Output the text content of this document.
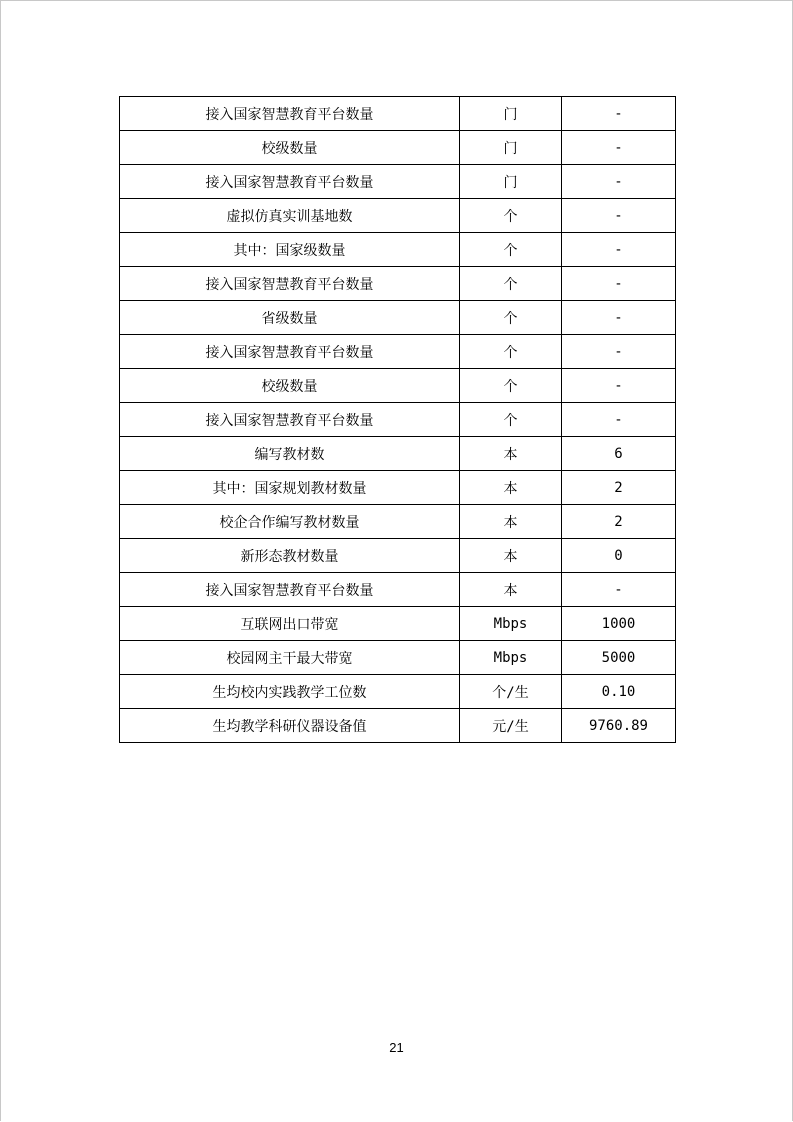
接入国家智慧教育平台数量	门	-
校级数量	门	-
接入国家智慧教育平台数量	门	-
虚拟仿真实训基地数	个	-
其中：国家级数量	个	-
接入国家智慧教育平台数量	个	-
省级数量	个	-
接入国家智慧教育平台数量	个	-
校级数量	个	-
接入国家智慧教育平台数量	个	-
编写教材数	本	6
其中：国家规划教材数量	本	2
校企合作编写教材数量	本	2
新形态教材数量	本	0
接入国家智慧教育平台数量	本	-
互联网出口带宽	Mbps	1000
校园网主干最大带宽	Mbps	5000
生均校内实践教学工位数	个/生	0.10
生均教学科研仪器设备值	元/生	9760.89
21
